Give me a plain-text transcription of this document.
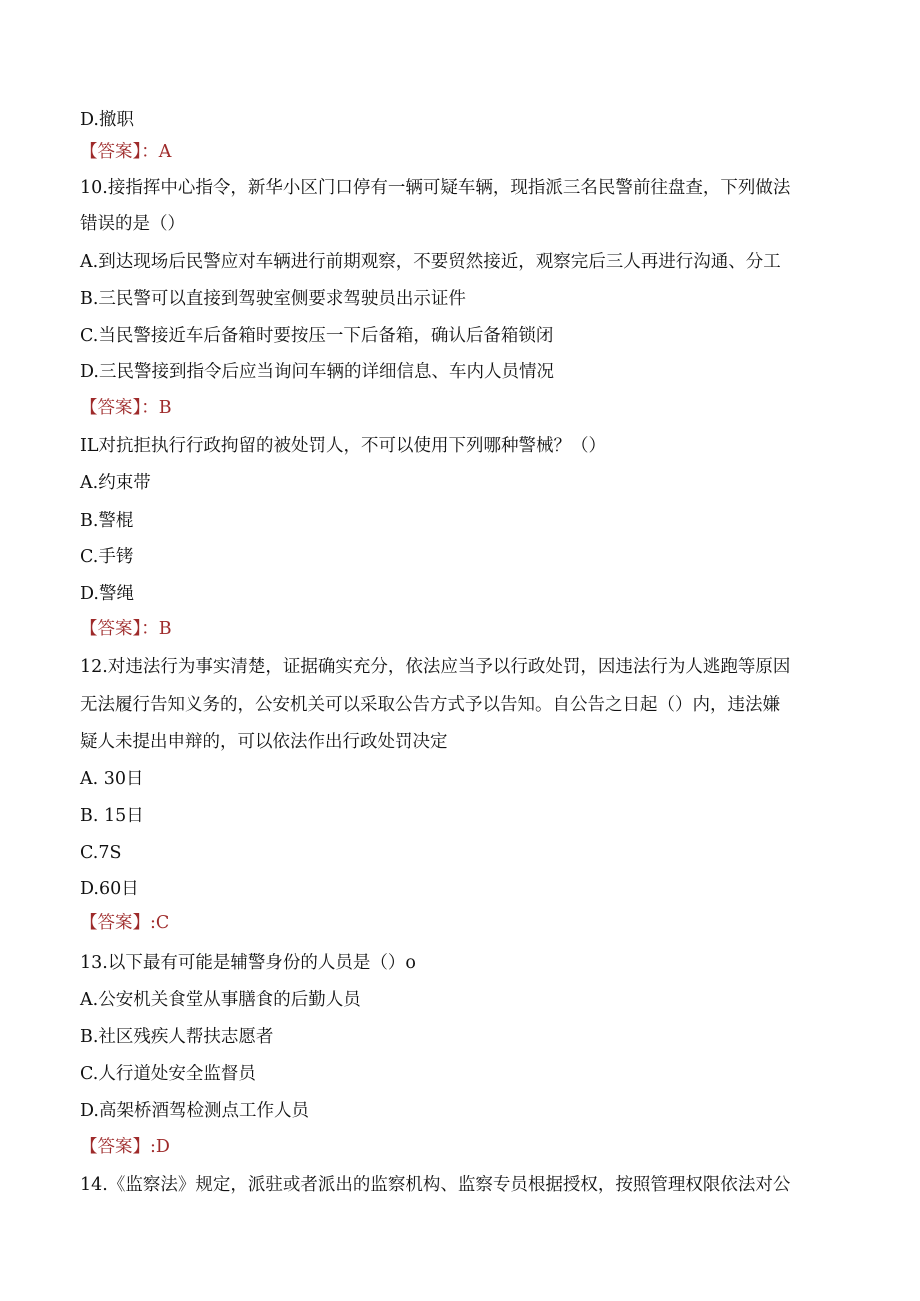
D.撤职
【答案】：A
10.接指挥中心指令，新华小区门口停有一辆可疑车辆，现指派三名民警前往盘查，下列做法
错误的是（）
A.到达现场后民警应对车辆进行前期观察，不要贸然接近，观察完后三人再进行沟通、分工
B.三民警可以直接到驾驶室侧要求驾驶员出示证件
C.当民警接近车后备箱时要按压一下后备箱，确认后备箱锁闭
D.三民警接到指令后应当询问车辆的详细信息、车内人员情况
【答案】：B
IL对抗拒执行行政拘留的被处罚人，不可以使用下列哪种警械？（）
A.约束带
B.警棍
C.手铐
D.警绳
【答案】：B
12.对违法行为事实清楚，证据确实充分，依法应当予以行政处罚，因违法行为人逃跑等原因
无法履行告知义务的，公安机关可以采取公告方式予以告知。自公告之日起（）内，违法嫌
疑人未提出申辩的，可以依法作出行政处罚决定
A. 30日
B. 15日
C.7S
D.60日
【答案】:C
13.以下最有可能是辅警身份的人员是（）o
A.公安机关食堂从事膳食的后勤人员
B.社区残疾人帮扶志愿者
C.人行道处安全监督员
D.高架桥酒驾检测点工作人员
【答案】:D
14.《监察法》规定，派驻或者派出的监察机构、监察专员根据授权，按照管理权限依法对公
